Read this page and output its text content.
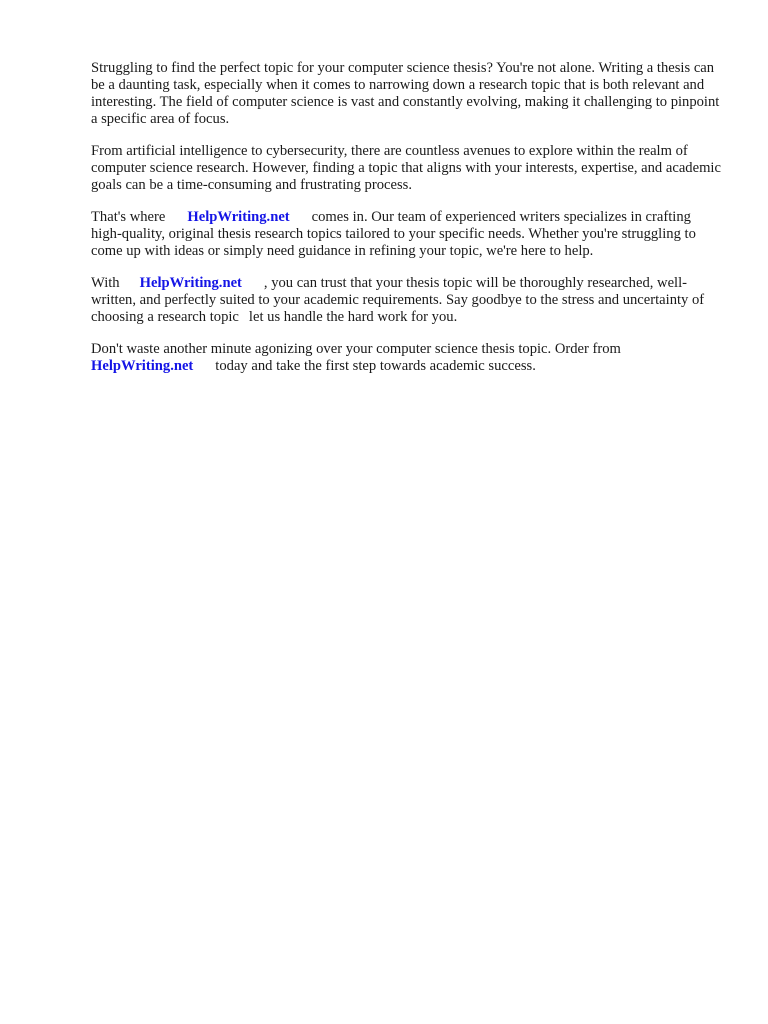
Struggling to find the perfect topic for your computer science thesis? You're not alone. Writing a thesis can be a daunting task, especially when it comes to narrowing down a research topic that is both relevant and interesting. The field of computer science is vast and constantly evolving, making it challenging to pinpoint a specific area of focus.

From artificial intelligence to cybersecurity, there are countless avenues to explore within the realm of computer science research. However, finding a topic that aligns with your interests, expertise, and academic goals can be a time-consuming and frustrating process.

That's where HelpWriting.net comes in. Our team of experienced writers specializes in crafting high-quality, original thesis research topics tailored to your specific needs. Whether you're struggling to come up with ideas or simply need guidance in refining your topic, we're here to help.

With HelpWriting.net , you can trust that your thesis topic will be thoroughly researched, well-written, and perfectly suited to your academic requirements. Say goodbye to the stress and uncertainty of choosing a research topic let us handle the hard work for you.

Don't waste another minute agonizing over your computer science thesis topic. Order from HelpWriting.net today and take the first step towards academic success.
